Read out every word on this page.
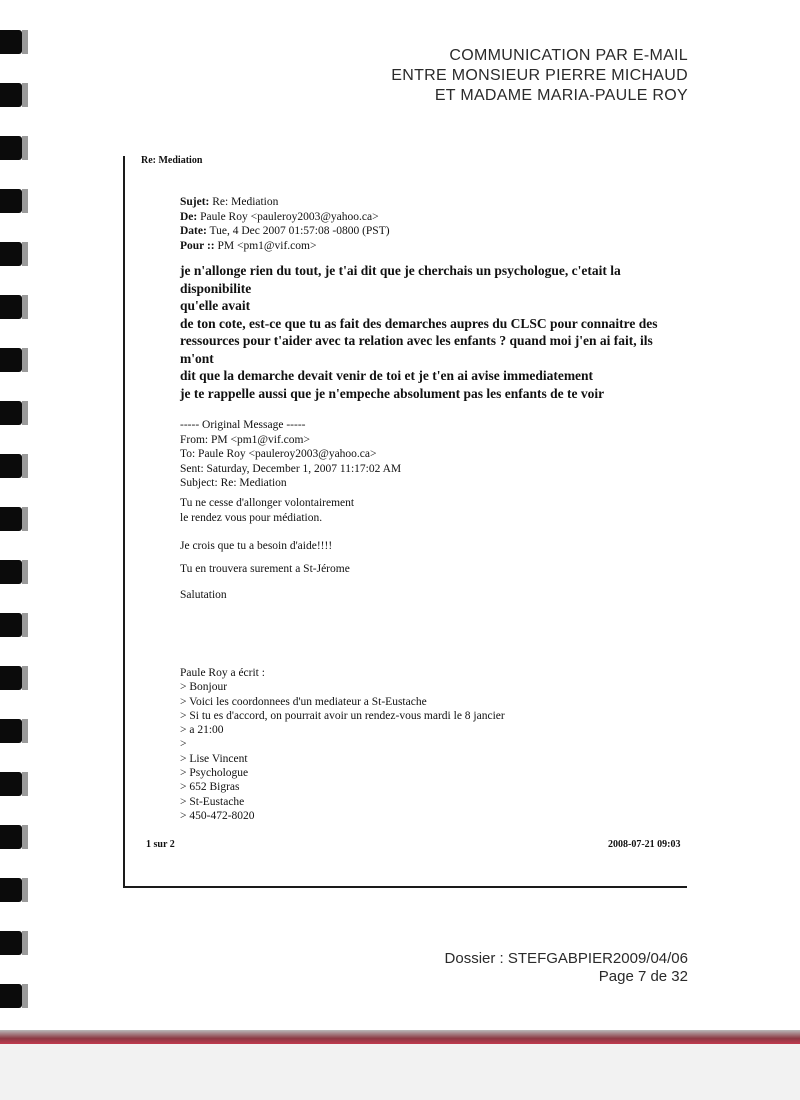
COMMUNICATION PAR E-MAIL
ENTRE MONSIEUR PIERRE MICHAUD
ET MADAME MARIA-PAULE ROY
Re: Mediation
Sujet: Re: Mediation
De: Paule Roy <pauleroy2003@yahoo.ca>
Date: Tue, 4 Dec 2007 01:57:08 -0800 (PST)
Pour :: PM <pm1@vif.com>

je n'allonge rien du tout, je t'ai dit que je cherchais un psychologue, c'etait la disponibilite

qu'elle avait

de ton cote, est-ce que tu as fait des demarches aupres du CLSC pour connaitre des

ressources pour t'aider avec ta relation avec les enfants ? quand moi j'en ai fait, ils m'ont

dit que la demarche devait venir de toi et je t'en ai avise immediatement

je te rappelle aussi que je n'empeche absolument pas les enfants de te voir

----- Original Message -----
From: PM <pm1@vif.com>
To: Paule Roy <pauleroy2003@yahoo.ca>
Sent: Saturday, December 1, 2007 11:17:02 AM
Subject: Re: Mediation
Tu ne cesse d'allonger volontairement
le rendez vous pour médiation.
Je crois que tu a besoin d'aide!!!!
Tu en trouvera surement a St-Jérome
Salutation
Paule Roy a écrit :
> Bonjour
> Voici les coordonnees d'un mediateur a St-Eustache
> Si tu es d'accord, on pourrait avoir un rendez-vous mardi le 8 jancier
> a 21:00
>
> Lise Vincent
> Psychologue
> 652 Bigras
> St-Eustache
> 450-472-8020
1 sur 2	2008-07-21 09:03
Dossier : STEFGABPIER2009/04/06
Page 7 de 32
